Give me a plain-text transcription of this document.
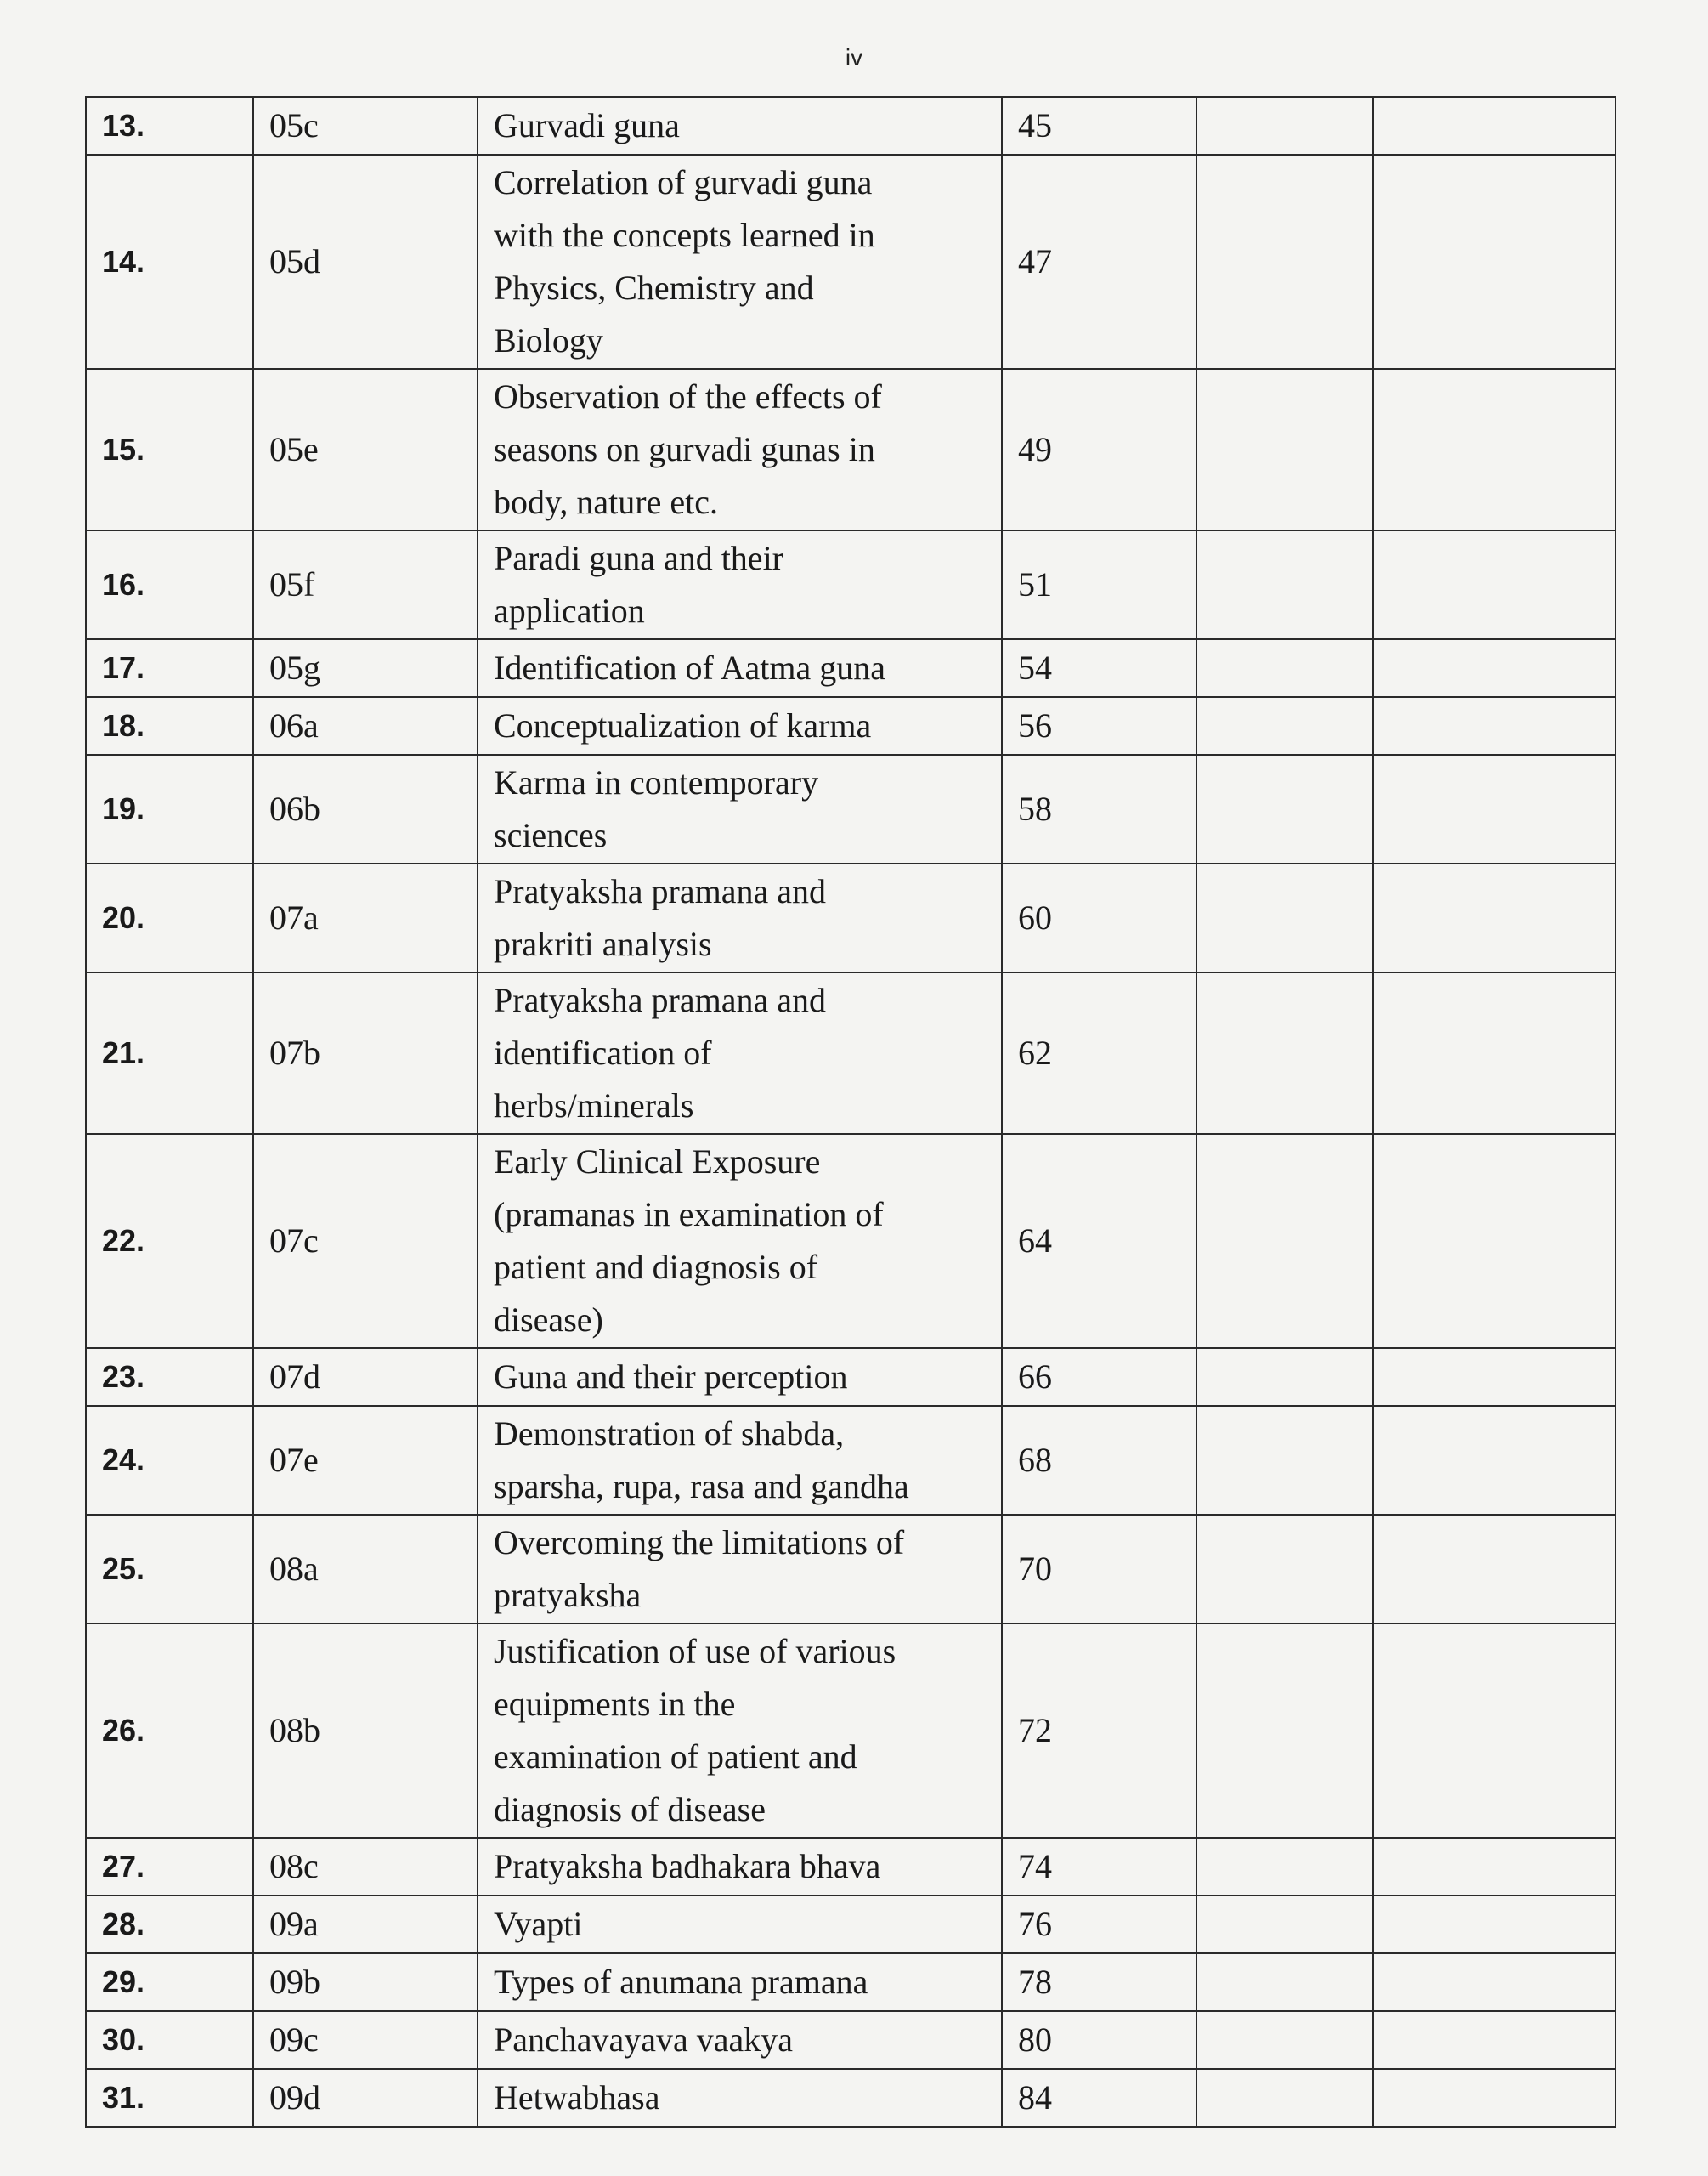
iv
13.	05c	Gurvadi guna	45		
14.	05d	Correlation of gurvadi guna
with the concepts learned in
Physics, Chemistry and
Biology	47		
15.	05e	Observation of the effects of
seasons on gurvadi gunas in
body, nature etc.	49		
16.	05f	Paradi guna and their
application	51		
17.	05g	Identification of Aatma guna	54		
18.	06a	Conceptualization of karma	56		
19.	06b	Karma in contemporary
sciences	58		
20.	07a	Pratyaksha pramana and
prakriti analysis	60		
21.	07b	Pratyaksha pramana and
identification of
herbs/minerals	62		
22.	07c	Early Clinical Exposure
(pramanas in examination of
patient and diagnosis of
disease)	64		
23.	07d	Guna and their perception	66		
24.	07e	Demonstration of shabda,
sparsha, rupa, rasa and gandha	68		
25.	08a	Overcoming the limitations of
pratyaksha	70		
26.	08b	Justification of use of various
equipments in the
examination of patient and
diagnosis of disease	72		
27.	08c	Pratyaksha badhakara bhava	74		
28.	09a	Vyapti	76		
29.	09b	Types of anumana pramana	78		
30.	09c	Panchavayava vaakya	80		
31.	09d	Hetwabhasa	84		
